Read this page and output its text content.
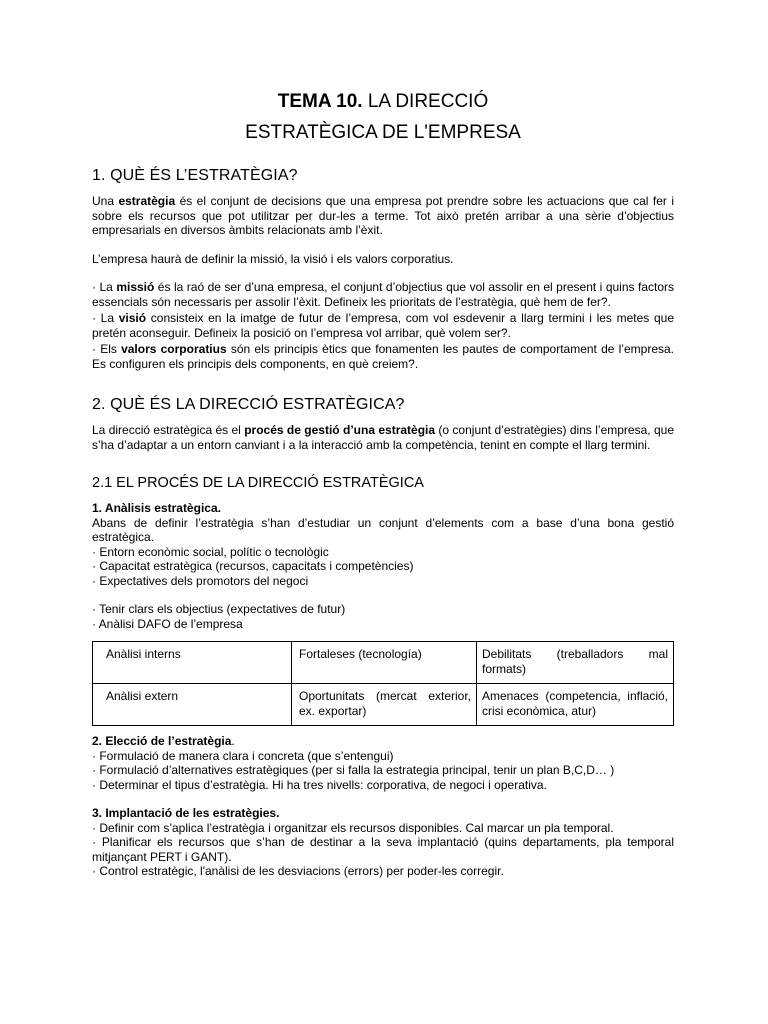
TEMA 10. LA DIRECCIÓ
ESTRATÈGICA DE L'EMPRESA
1. QUÈ ÉS L’ESTRATÈGIA?

Una estratègia és el conjunt de decisions que una empresa pot prendre sobre les actuacions que cal fer i sobre els recursos que pot utilitzar per dur-les a terme. Tot això pretén arribar a una sèrie d’objectius empresarials en diversos àmbits relacionats amb l’èxit.

L’empresa haurà de definir la missió, la visió i els valors corporatius.

· La missió és la raó de ser d’una empresa, el conjunt d’objectius que vol assolir en el present i quins factors essencials són necessaris per assolir l’èxit. Defineix les prioritats de l’estratègia, què hem de fer?.

· La visió consisteix en la imatge de futur de l’empresa, com vol esdevenir a llarg termini i les metes que pretén aconseguir. Defineix la posició on l’empresa vol arribar, què volem ser?.

· Els valors corporatius són els principis ètics que fonamenten les pautes de comportament de l’empresa. Es configuren els principis dels components, en què creiem?.

2. QUÈ ÉS LA DIRECCIÓ ESTRATÈGICA?

La direcció estratègica és el procés de gestió d’una estratègia (o conjunt d’estratègies) dins l’empresa, que s’ha d’adaptar a un entorn canviant i a la interacció amb la competència, tenint en compte el llarg termini.

2.1 EL PROCÉS DE LA DIRECCIÓ ESTRATÈGICA

1. Anàlisis estratègica.

Abans de definir l’estratègia s’han d’estudiar un conjunt d’elements com a base d’una bona gestió estratègica.

· Entorn econòmic social, polític o tecnològic

· Capacitat estratègica (recursos, capacitats i competències)

· Expectatives dels promotors del negoci

· Tenir clars els objectius (expectatives de futur)

· Anàlisi DAFO de l’empresa

Anàlisi interns	Fortaleses (tecnología)	Debilitats (treballadors mal formats)
Anàlisi extern	Oportunitats (mercat exterior, ex. exportar)	Amenaces (competencia, inflació, crisi econòmica, atur)

2. Elecció de l’estratègia.

· Formulació de manera clara i concreta (que s’entengui)

· Formulació d’alternatives estratègiques (per si falla la estrategia principal, tenir un plan B,C,D… )

· Determinar el tipus d’estratègia. Hi ha tres nivells: corporativa, de negoci i operativa.

3. Implantació de les estratègies.

· Definir com s’aplica l’estratègia i organitzar els recursos disponibles. Cal marcar un pla temporal.

· Planificar els recursos que s’han de destinar a la seva implantació (quins departaments, pla temporal mitjançant PERT i GANT).

· Control estratègic, l'anàlisi de les desviacions (errors) per poder-les corregir.
